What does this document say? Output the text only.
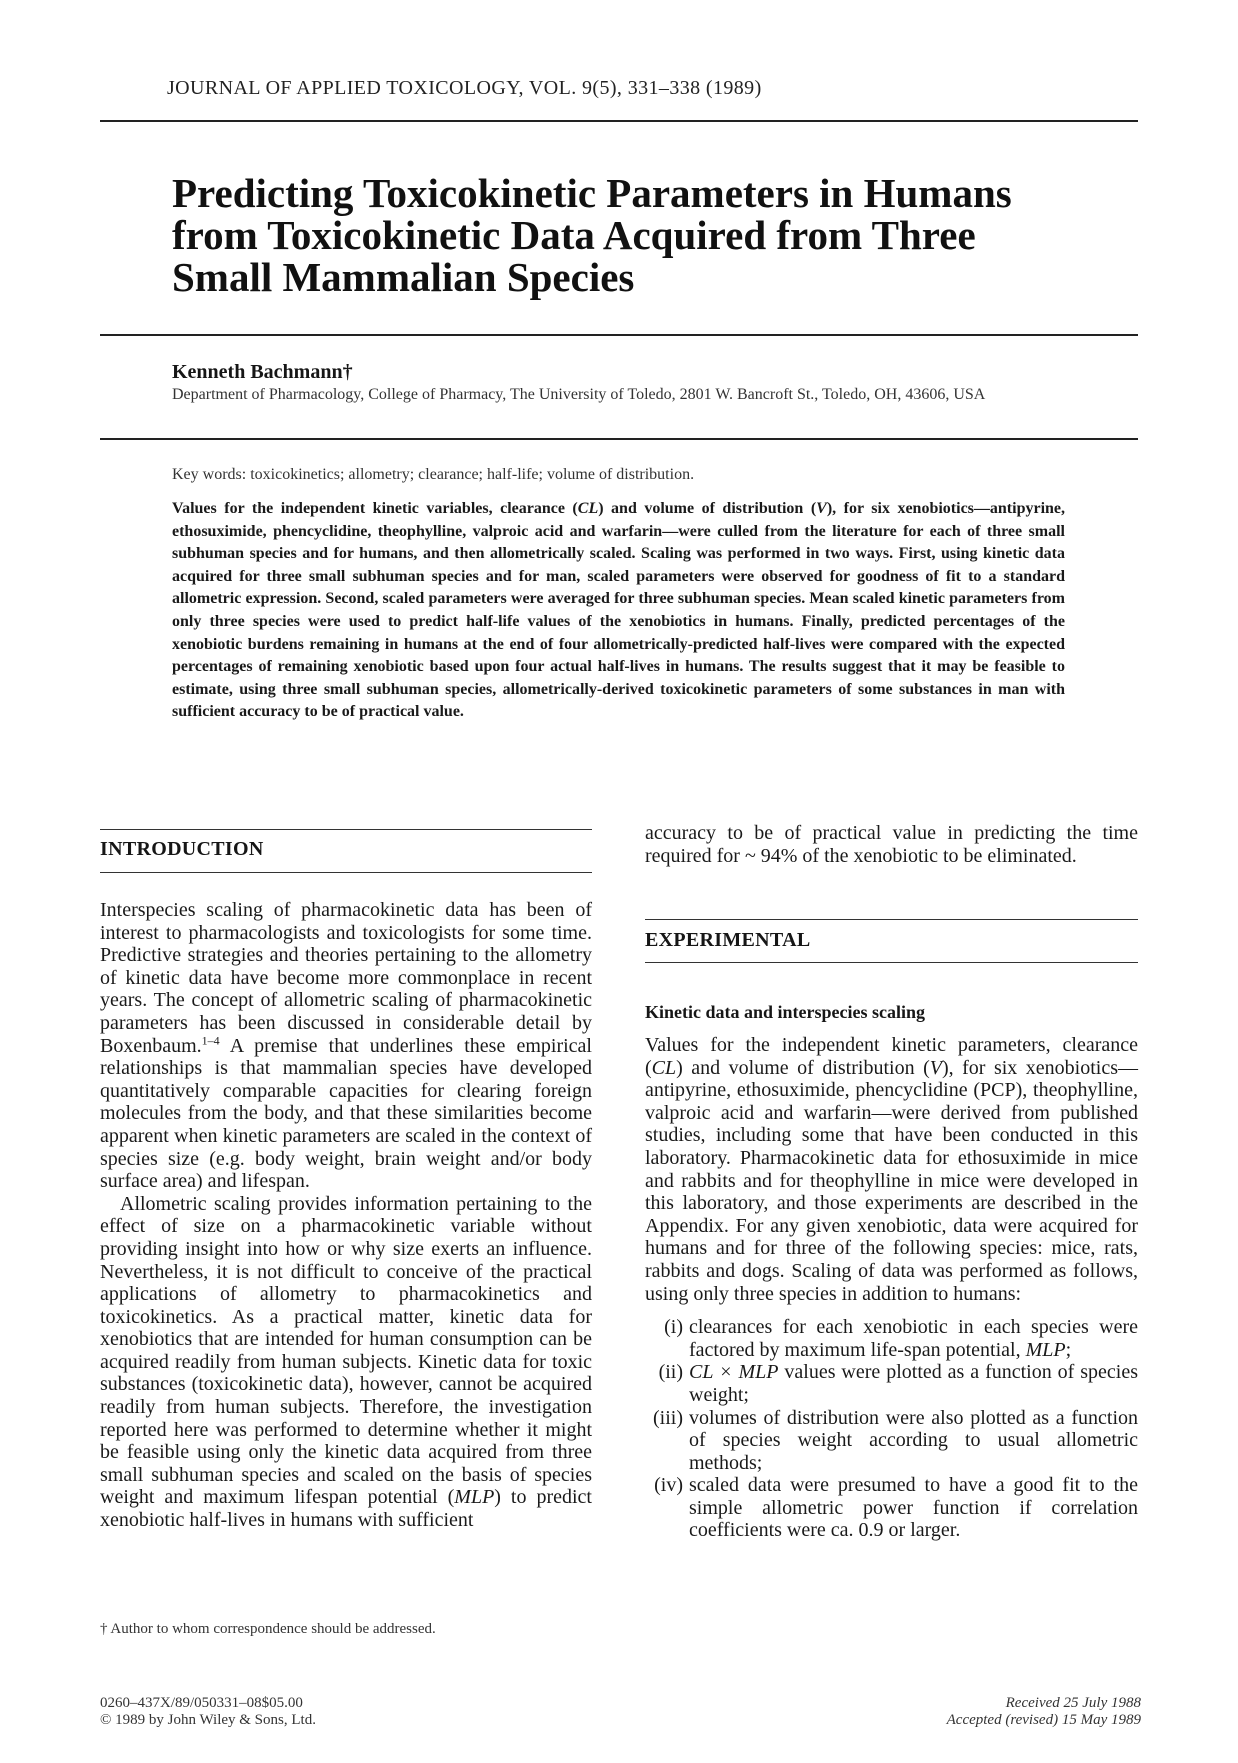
JOURNAL OF APPLIED TOXICOLOGY, VOL. 9(5), 331–338 (1989)
Predicting Toxicokinetic Parameters in Humans
from Toxicokinetic Data Acquired from Three
Small Mammalian Species
Kenneth Bachmann†
Department of Pharmacology, College of Pharmacy, The University of Toledo, 2801 W. Bancroft St., Toledo, OH, 43606, USA
Key words: toxicokinetics; allometry; clearance; half-life; volume of distribution.
Values for the independent kinetic variables, clearance (CL) and volume of distribution (V), for six xenobiotics—antipyrine, ethosuximide, phencyclidine, theophylline, valproic acid and warfarin—were culled from the literature for each of three small subhuman species and for humans, and then allometrically scaled. Scaling was performed in two ways. First, using kinetic data acquired for three small subhuman species and for man, scaled parameters were observed for goodness of fit to a standard allometric expression. Second, scaled parameters were averaged for three subhuman species. Mean scaled kinetic parameters from only three species were used to predict half-life values of the xenobiotics in humans. Finally, predicted percentages of the xenobiotic burdens remaining in humans at the end of four allometrically-predicted half-lives were compared with the expected percentages of remaining xenobiotic based upon four actual half-lives in humans. The results suggest that it may be feasible to estimate, using three small subhuman species, allometrically-derived toxicokinetic parameters of some substances in man with sufficient accuracy to be of practical value.
INTRODUCTION

Interspecies scaling of pharmacokinetic data has been of interest to pharmacologists and toxicologists for some time. Predictive strategies and theories pertaining to the allometry of kinetic data have become more commonplace in recent years. The concept of allometric scaling of pharmacokinetic parameters has been discussed in considerable detail by Boxenbaum.$^{1-4}$ A premise that underlines these empirical relationships is that mammalian species have developed quantitatively comparable capacities for clearing foreign molecules from the body, and that these similarities become apparent when kinetic parameters are scaled in the context of species size (e.g. body weight, brain weight and/or body surface area) and lifespan.

Allometric scaling provides information pertaining to the effect of size on a pharmacokinetic variable without providing insight into how or why size exerts an influence. Nevertheless, it is not difficult to conceive of the practical applications of allometry to pharmacokinetics and toxicokinetics. As a practical matter, kinetic data for xenobiotics that are intended for human consumption can be acquired readily from human subjects. Kinetic data for toxic substances (toxicokinetic data), however, cannot be acquired readily from human subjects. Therefore, the investigation reported here was performed to determine whether it might be feasible using only the kinetic data acquired from three small subhuman species and scaled on the basis of species weight and maximum lifespan potential (MLP) to predict xenobiotic half-lives in humans with sufficient

accuracy to be of practical value in predicting the time required for ~ 94% of the xenobiotic to be eliminated.

EXPERIMENTAL
Kinetic data and interspecies scaling

Values for the independent kinetic parameters, clearance (CL) and volume of distribution (V), for six xenobiotics—antipyrine, ethosuximide, phencyclidine (PCP), theophylline, valproic acid and warfarin—were derived from published studies, including some that have been conducted in this laboratory. Pharmacokinetic data for ethosuximide in mice and rabbits and for theophylline in mice were developed in this laboratory, and those experiments are described in the Appendix. For any given xenobiotic, data were acquired for humans and for three of the following species: mice, rats, rabbits and dogs. Scaling of data was performed as follows, using only three species in addition to humans:

(i) clearances for each xenobiotic in each species were factored by maximum life-span potential, MLP;
(ii) CL × MLP values were plotted as a function of species weight;
(iii) volumes of distribution were also plotted as a function of species weight according to usual allometric methods;
(iv) scaled data were presumed to have a good fit to the simple allometric power function if correlation coefficients were ca. 0.9 or larger.
† Author to whom correspondence should be addressed.
0260–437X/89/050331–08$05.00
© 1989 by John Wiley & Sons, Ltd.
Received 25 July 1988
Accepted (revised) 15 May 1989
